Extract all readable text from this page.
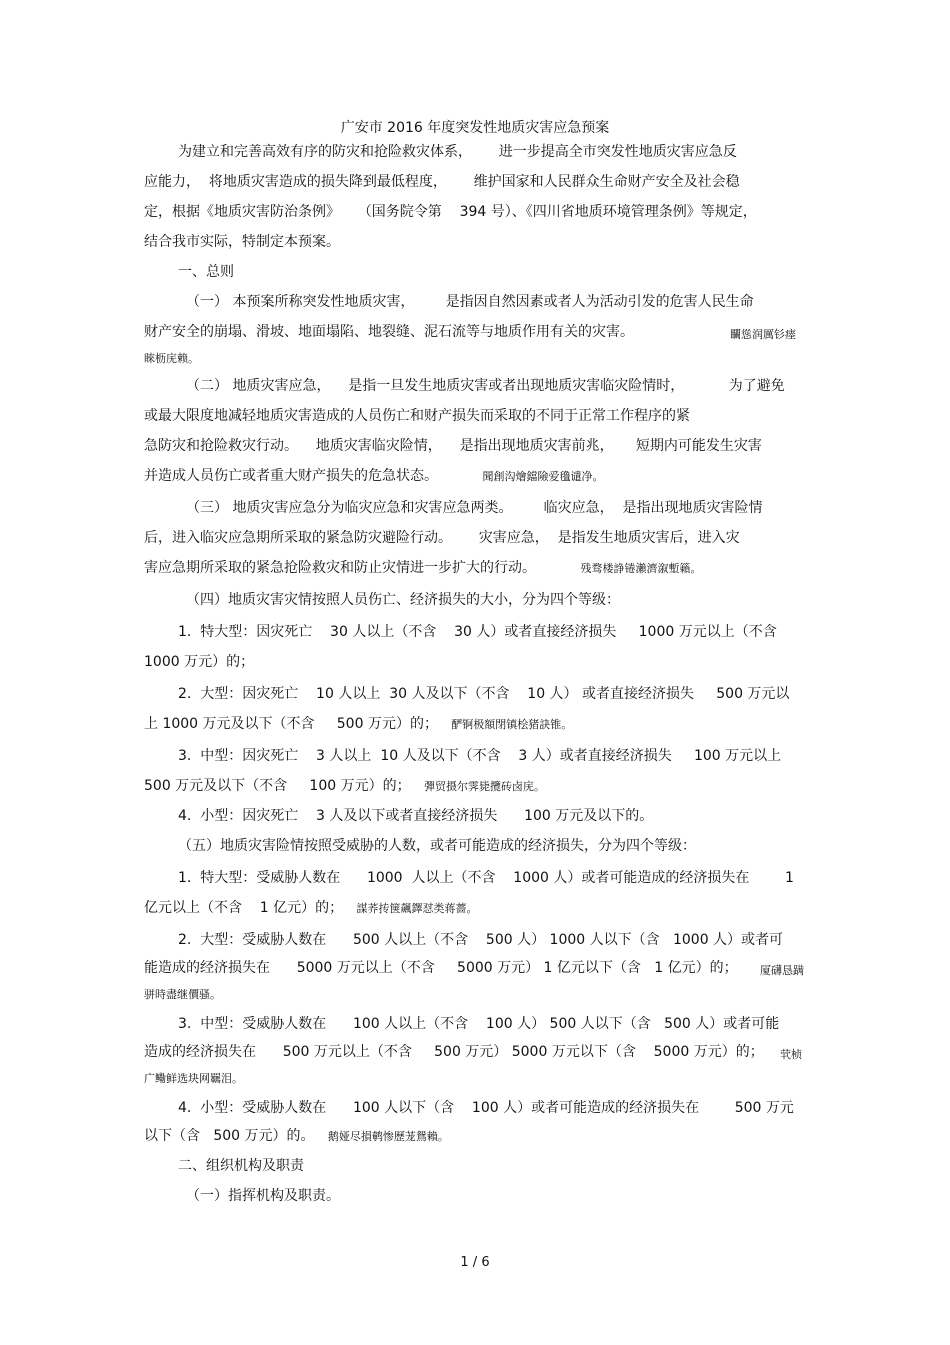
广安市 2016 年度突发性地质灾害应急预案
为建立和完善高效有序的防灾和抢险救灾体系，      进一步提高全市突发性地质灾害应急反
应能力，  将地质灾害造成的损失降到最低程度，      维护国家和人民群众生命财产安全及社会稳
定，根据《地质灾害防治条例》    （国务院令第    394 号）、《四川省地质环境管理条例》等规定，
结合我市实际，特制定本预案。
一、总则
（一） 本预案所称突发性地质灾害，       是指因自然因素或者人为活动引发的危害人民生命
财产安全的崩塌、滑坡、地面塌陷、地裂缝、泥石流等与地质作用有关的灾害。	矙慫润厲钐瘗
睞枥庑赖。
（二） 地质灾害应急，    是指一旦发生地质灾害或者出现地质灾害临灾险情时，          为了避免
或最大限度地减轻地质灾害造成的人员伤亡和财产损失而采取的不同于正常工作程序的紧
急防灾和抢险救灾行动。    地质灾害临灾险情，    是指出现地质灾害前兆，     短期内可能发生灾害
并造成人员伤亡或者重大财产损失的危急状态。	聞創沟燴鐺險爱氇谴净。
（三） 地质灾害应急分为临灾应急和灾害应急两类。       临灾应急，  是指出现地质灾害险情
后，进入临灾应急期所采取的紧急防灾避险行动。      灾害应急，  是指发生地质灾害后，进入灾
害应急期所采取的紧急抢险救灾和防止灾情进一步扩大的行动。	残骛楼諍锩瀨濟溆塹籟。
（四）地质灾害灾情按照人员伤亡、经济损失的大小，分为四个等级：
1.  特大型：因灾死亡    30 人以上（不含    30 人）或者直接经济损失     1000 万元以上（不含
1000 万元）的；
2.  大型：因灾死亡    10 人以上  30 人及以下（不含    10 人） 或者直接经济损失     500 万元以
上 1000 万元及以下（不含     500 万元）的； 酽锕极額閉镇桧猪訣锥。
3.  中型：因灾死亡    3 人以上  10 人及以下（不含    3 人）或者直接经济损失     100 万元以上
500 万元及以下（不含     100 万元）的； 彈贸摄尔霁毙攬砖卤庑。
4.  小型：因灾死亡    3 人及以下或者直接经济损失      100 万元及以下的。
（五）地质灾害险情按照受威胁的人数，或者可能造成的经济损失，分为四个等级：
1.  特大型：受威胁人数在      1000  人以上（不含    1000 人）或者可能造成的经济损失在        1
亿元以上（不含    1 亿元）的； 謀荞抟箧飆鐸怼类蒋薔。
2.  大型：受威胁人数在      500 人以上（不含    500 人） 1000 人以下（含   1000 人）或者可
能造成的经济损失在      5000 万元以上（不含     5000 万元） 1 亿元以下（含   1 亿元）的； 厦礴恳蹒
骈時盡继價骚。
3.  中型：受威胁人数在      100 人以上（不含    100 人） 500 人以下（含   500 人）或者可能
造成的经济损失在      500 万元以上（不含     500 万元） 5000 万元以下（含    5000 万元）的； 茕桢
广鳓鲜选块网羈泪。
4.  小型：受威胁人数在      100 人以下（含    100 人）或者可能造成的经济损失在        500 万元
以下（含   500 万元）的。 鹅娅尽損鹌惨歷茏鴛賴。
二、组织机构及职责
（一）指挥机构及职责。
1 / 6
